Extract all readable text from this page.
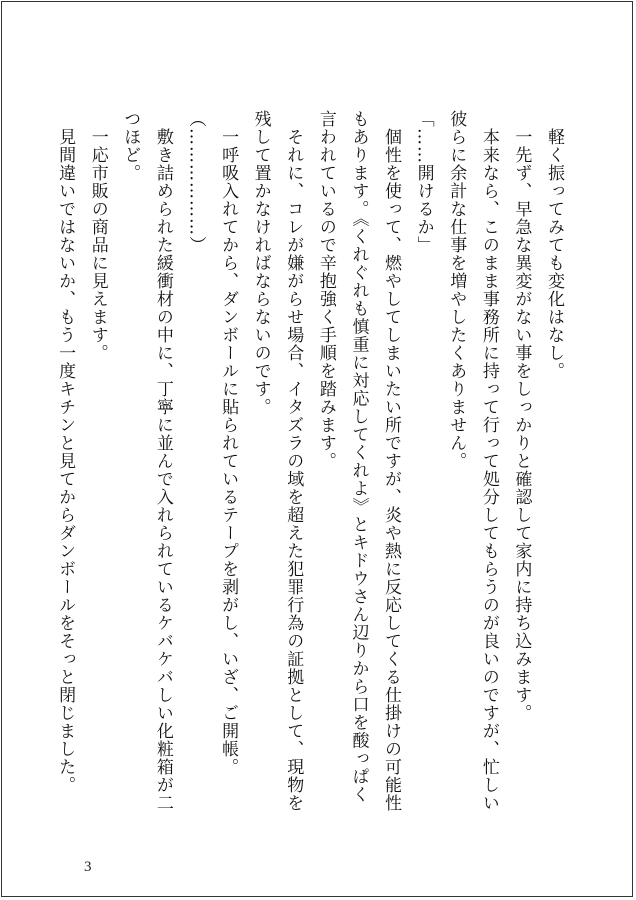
　軽く振ってみても変化はなし。
　一先ず、早急な異変がない事をしっかりと確認して家内に持ち込みます。
　本来なら、このまま事務所に持って行って処分してもらうのが良いのですが、忙しい
彼らに余計な仕事を増やしたくありません。
「……開けるか」
　個性を使って、燃やしてしまいたい所ですが、炎や熱に反応してくる仕掛けの可能性
もあります。《くれぐれも慎重に対応してくれよ》とキドウさん辺りから口を酸っぱく
言われているので辛抱強く手順を踏みます。
　それに、コレが嫌がらせ場合、イタズラの域を超えた犯罪行為の証拠として、現物を
残して置かなければならないのです。
　一呼吸入れてから、ダンボールに貼られているテープを剥がし、いざ、ご開帳。
（………………）
　敷き詰められた緩衝材の中に、丁寧に並んで入れられているケバケバしい化粧箱が二
つほど。
　一応市販の商品に見えます。
　見間違いではないか、もう一度キチンと見てからダンボールをそっと閉じました。
3
